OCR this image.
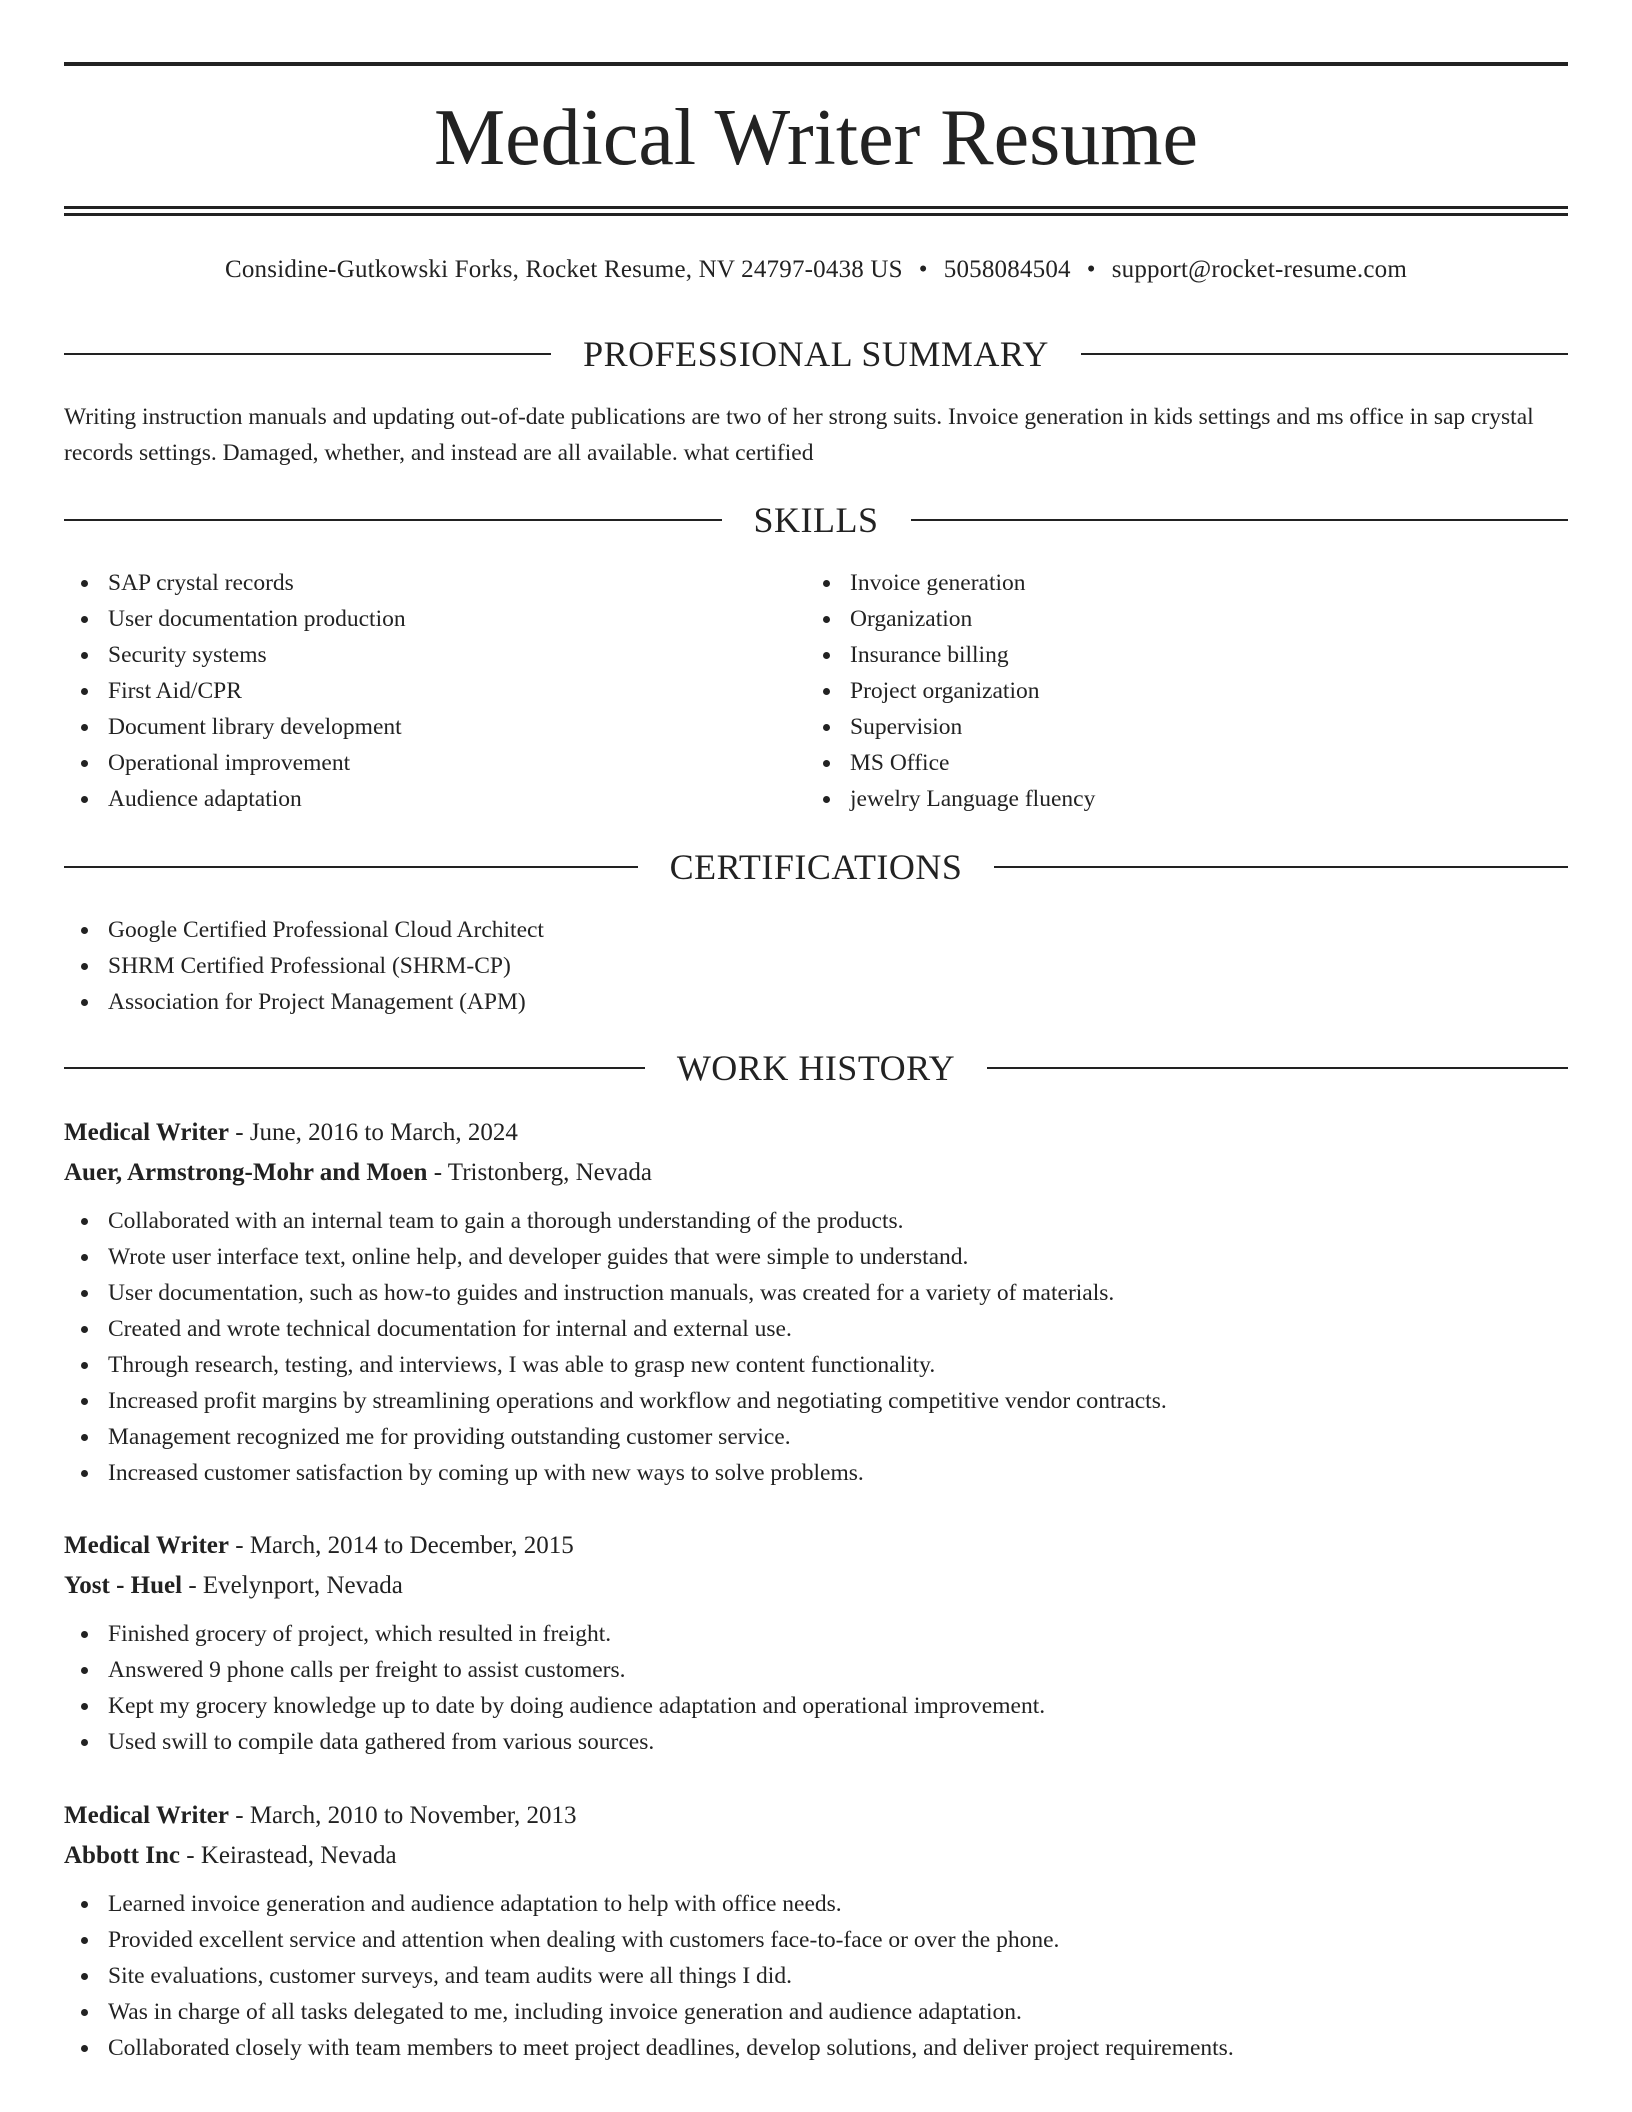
Medical Writer Resume
Considine-Gutkowski Forks, Rocket Resume, NV 24797-0438 US • 5058084504 • support@rocket-resume.com
PROFESSIONAL SUMMARY

Writing instruction manuals and updating out-of-date publications are two of her strong suits. Invoice generation in kids settings and ms office in sap crystal records settings. Damaged, whether, and instead are all available. what certified

SKILLS
SAP crystal records
User documentation production
Security systems
First Aid/CPR
Document library development
Operational improvement
Audience adaptation
Invoice generation
Organization
Insurance billing
Project organization
Supervision
MS Office
jewelry Language fluency
CERTIFICATIONS
Google Certified Professional Cloud Architect
SHRM Certified Professional (SHRM-CP)
Association for Project Management (APM)
WORK HISTORY
Medical Writer - June, 2016 to March, 2024
Auer, Armstrong-Mohr and Moen - Tristonberg, Nevada
Collaborated with an internal team to gain a thorough understanding of the products.
Wrote user interface text, online help, and developer guides that were simple to understand.
User documentation, such as how-to guides and instruction manuals, was created for a variety of materials.
Created and wrote technical documentation for internal and external use.
Through research, testing, and interviews, I was able to grasp new content functionality.
Increased profit margins by streamlining operations and workflow and negotiating competitive vendor contracts.
Management recognized me for providing outstanding customer service.
Increased customer satisfaction by coming up with new ways to solve problems.
Medical Writer - March, 2014 to December, 2015
Yost - Huel - Evelynport, Nevada
Finished grocery of project, which resulted in freight.
Answered 9 phone calls per freight to assist customers.
Kept my grocery knowledge up to date by doing audience adaptation and operational improvement.
Used swill to compile data gathered from various sources.
Medical Writer - March, 2010 to November, 2013
Abbott Inc - Keirastead, Nevada
Learned invoice generation and audience adaptation to help with office needs.
Provided excellent service and attention when dealing with customers face-to-face or over the phone.
Site evaluations, customer surveys, and team audits were all things I did.
Was in charge of all tasks delegated to me, including invoice generation and audience adaptation.
Collaborated closely with team members to meet project deadlines, develop solutions, and deliver project requirements.
